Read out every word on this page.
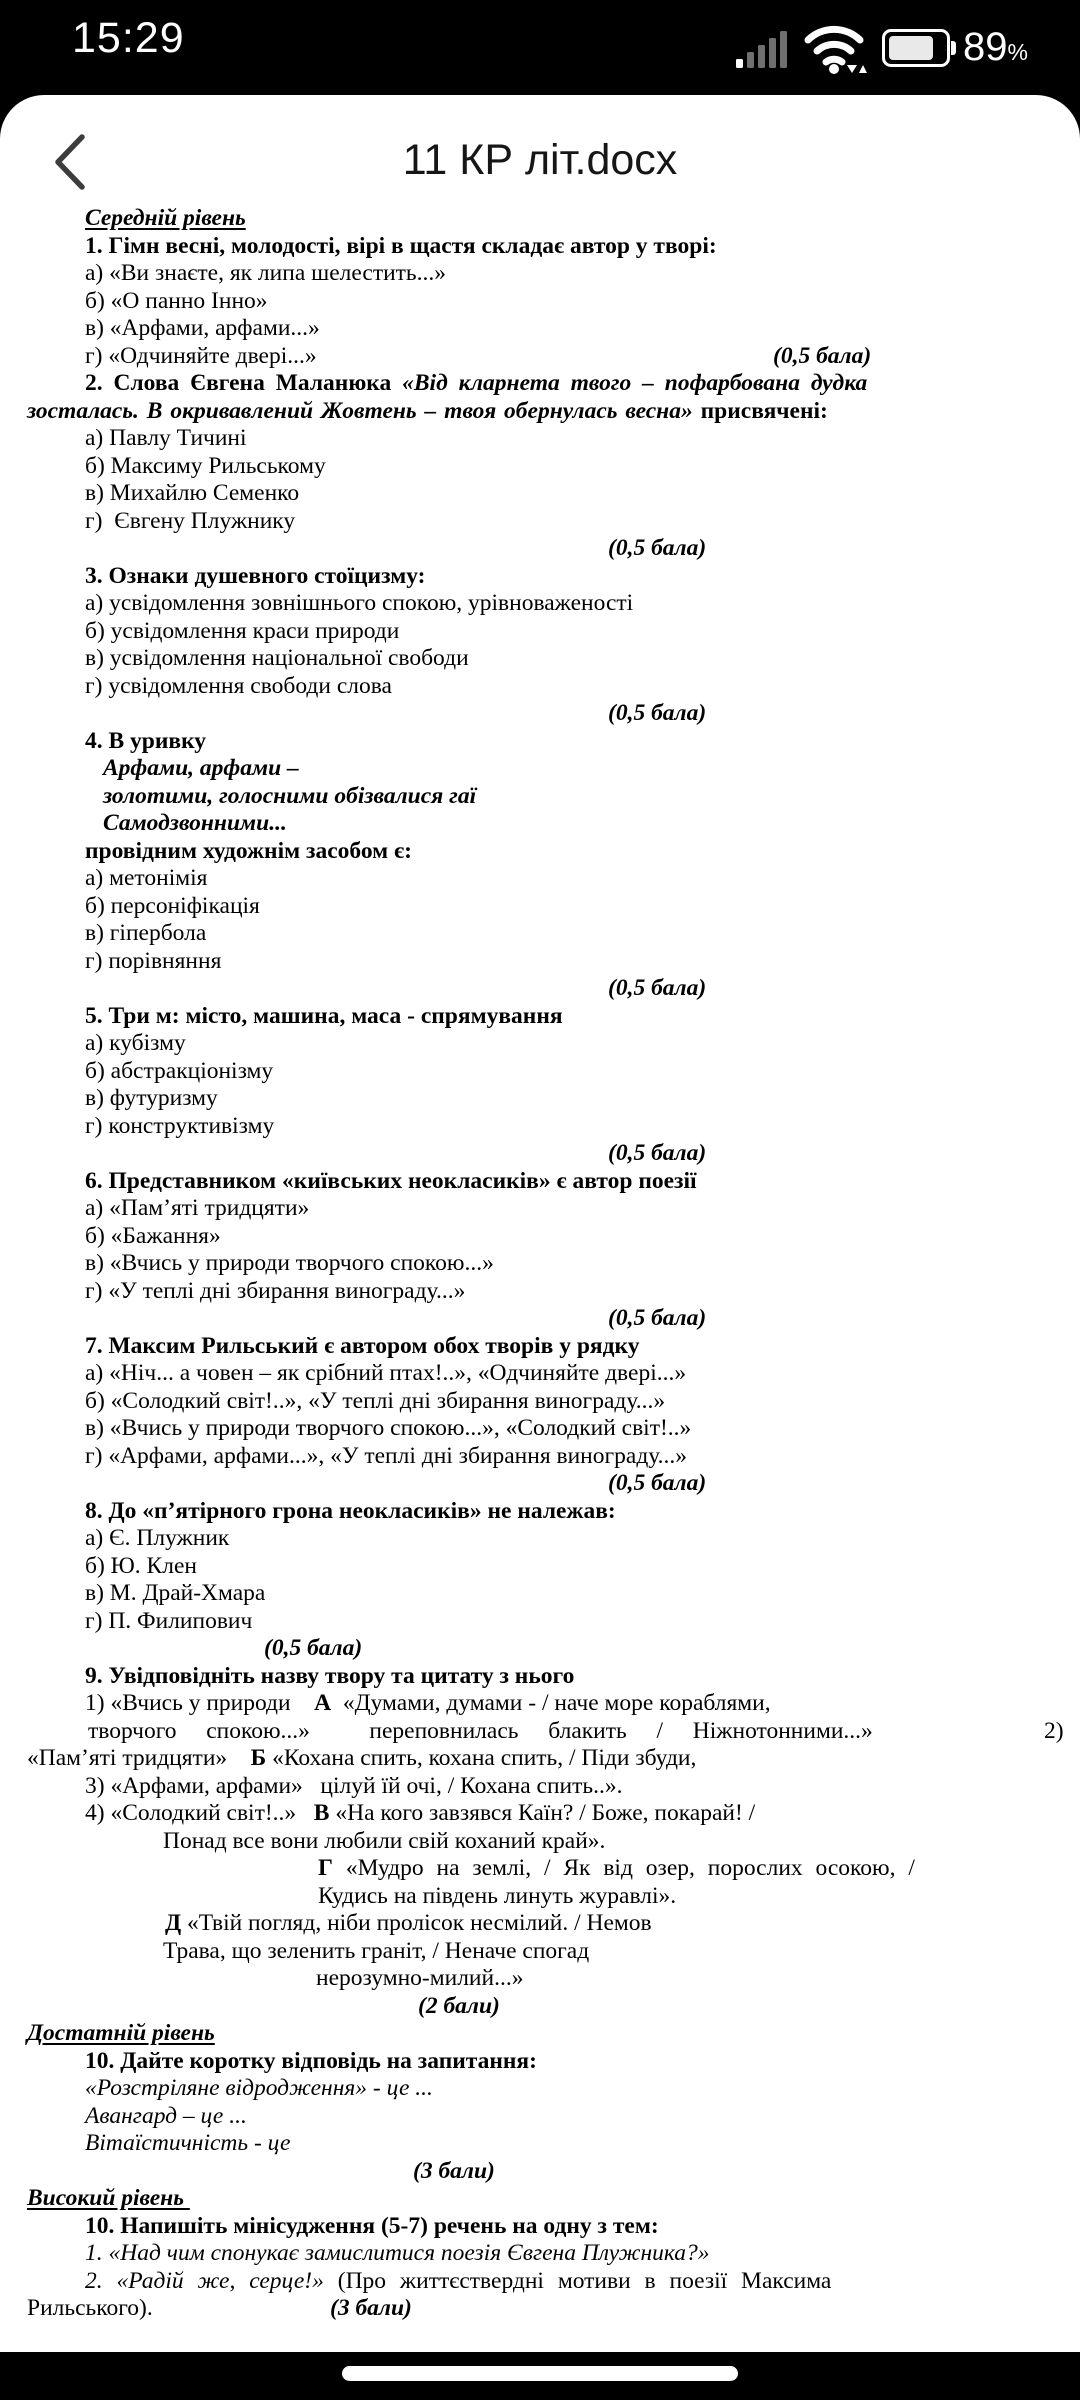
15:29	89 %
11 КР літ.docx
Середній рівень
1. Гімн весні, молодості, вірі в щастя складає автор у творі:
а) «Ви знаєте, як липа шелестить...»
б) «О панно Інно»
в) «Арфами, арфами...»
г) «Одчиняйте двері...»	(0,5 бала)
2. Слова Євгена Маланюка «Від кларнета твого – пофарбована дудка
зосталась. В окривавлений Жовтень – твоя обернулась весна» присвячені:
а) Павлу Тичині
б) Максиму Рильському
в) Михайлю Семенко
г)  Євгену Плужнику
(0,5 бала)
3. Ознаки душевного стоїцизму:
а) усвідомлення зовнішнього спокою, урівноваженості
б) усвідомлення краси природи
в) усвідомлення національної свободи
г) усвідомлення свободи слова
(0,5 бала)
4. В уривку
Арфами, арфами –
золотими, голосними обізвалися гаї
Самодзвонними...
провідним художнім засобом є:
а) метонімія
б) персоніфікація
в) гіпербола
г) порівняння
(0,5 бала)
5. Три м: місто, машина, маса - спрямування
а) кубізму
б) абстракціонізму
в) футуризму
г) конструктивізму
(0,5 бала)
6. Представником «київських неокласиків» є автор поезії
а) «Пам’яті тридцяти»
б) «Бажання»
в) «Вчись у природи творчого спокою...»
г) «У теплі дні збирання винограду...»
(0,5 бала)
7. Максим Рильський є автором обох творів у рядку
а) «Ніч... а човен – як срібний птах!..», «Одчиняйте двері...»
б) «Солодкий світ!..», «У теплі дні збирання винограду...»
в) «Вчись у природи творчого спокою...», «Солодкий світ!..»
г) «Арфами, арфами...», «У теплі дні збирання винограду...»
(0,5 бала)
8. До «п’ятірного грона неокласиків» не належав:
а) Є. Плужник
б) Ю. Клен
в) М. Драй-Хмара
г) П. Филипович
(0,5 бала)
9. Увідповідніть назву твору та цитату з нього
1) «Вчись у природи    А  «Думами, думами - / наче море кораблями,
творчого  спокою...»    переповнилась  блакить  /  Ніжнотонними...»	2)
«Пам’яті тридцяти»    Б «Кохана спить, кохана спить, / Піди збуди,
3) «Арфами, арфами»   цілуй їй очі, / Кохана спить..».
4) «Солодкий світ!..»   В «На кого завзявся Каїн? / Боже, покарай! /
Понад все вони любили свій коханий край».
Г «Мудро на землі, / Як від озер, порослих осокою, /
Кудись на південь линуть журавлі».
Д «Твій погляд, ніби пролісок несмілий. / Немов
Трава, що зеленить граніт, / Неначе спогад
нерозумно-милий...»
(2 бали)
Достатній рівень
10. Дайте коротку відповідь на запитання:
«Розстріляне відродження» - це ...
Авангард – це ...
Вітаїстичність - це
(3 бали)
Високий рівень
10. Напишіть мінісудження (5-7) речень на одну з тем:
1. «Над чим спонукає замислитися поезія Євгена Плужника?»
2. «Радій же, серце!» (Про життєствердні мотиви в поезії Максима
Рильського).	(3 бали)
